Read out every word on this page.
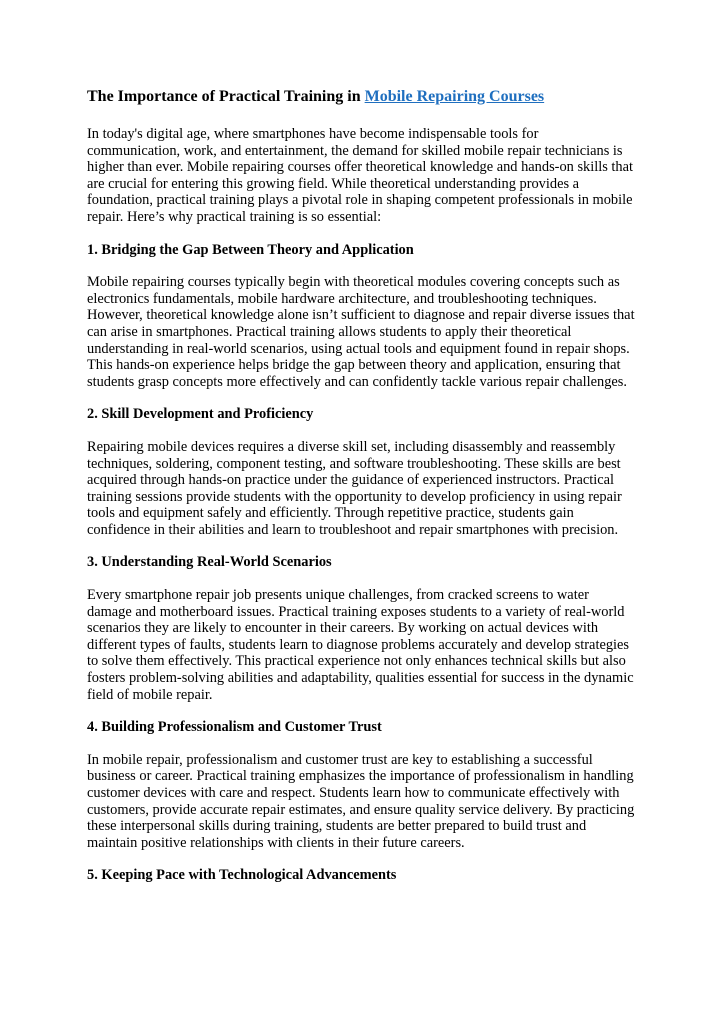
The Importance of Practical Training in Mobile Repairing Courses

In today's digital age, where smartphones have become indispensable tools for communication, work, and entertainment, the demand for skilled mobile repair technicians is higher than ever. Mobile repairing courses offer theoretical knowledge and hands-on skills that are crucial for entering this growing field. While theoretical understanding provides a foundation, practical training plays a pivotal role in shaping competent professionals in mobile repair. Here’s why practical training is so essential:

1. Bridging the Gap Between Theory and Application

Mobile repairing courses typically begin with theoretical modules covering concepts such as electronics fundamentals, mobile hardware architecture, and troubleshooting techniques. However, theoretical knowledge alone isn’t sufficient to diagnose and repair diverse issues that can arise in smartphones. Practical training allows students to apply their theoretical understanding in real-world scenarios, using actual tools and equipment found in repair shops. This hands-on experience helps bridge the gap between theory and application, ensuring that students grasp concepts more effectively and can confidently tackle various repair challenges.

2. Skill Development and Proficiency

Repairing mobile devices requires a diverse skill set, including disassembly and reassembly techniques, soldering, component testing, and software troubleshooting. These skills are best acquired through hands-on practice under the guidance of experienced instructors. Practical training sessions provide students with the opportunity to develop proficiency in using repair tools and equipment safely and efficiently. Through repetitive practice, students gain confidence in their abilities and learn to troubleshoot and repair smartphones with precision.

3. Understanding Real-World Scenarios

Every smartphone repair job presents unique challenges, from cracked screens to water damage and motherboard issues. Practical training exposes students to a variety of real-world scenarios they are likely to encounter in their careers. By working on actual devices with different types of faults, students learn to diagnose problems accurately and develop strategies to solve them effectively. This practical experience not only enhances technical skills but also fosters problem-solving abilities and adaptability, qualities essential for success in the dynamic field of mobile repair.

4. Building Professionalism and Customer Trust

In mobile repair, professionalism and customer trust are key to establishing a successful business or career. Practical training emphasizes the importance of professionalism in handling customer devices with care and respect. Students learn how to communicate effectively with customers, provide accurate repair estimates, and ensure quality service delivery. By practicing these interpersonal skills during training, students are better prepared to build trust and maintain positive relationships with clients in their future careers.

5. Keeping Pace with Technological Advancements
